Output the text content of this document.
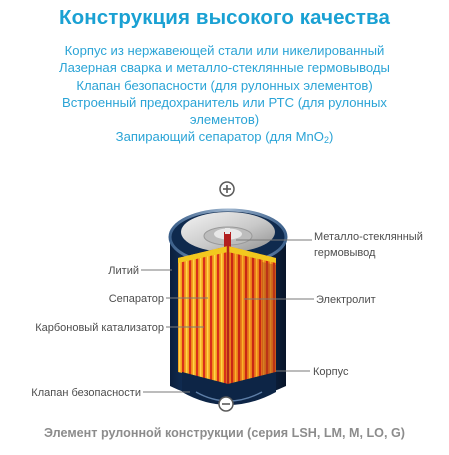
Конструкция высокого качества
Корпус из нержавеющей стали или никелированный
Лазерная сварка и металло-стеклянные гермовыводы
Клапан безопасности (для рулонных элементов)
Встроенный предохранитель или РТС (для рулонных
элементов)
Запирающий сепаратор (для MnO$_2$)
Литий
Сепаратор
Карбоновый катализатор
Клапан безопасности
Металло-стеклянный
гермовывод
Электролит
Корпус
Элемент рулонной конструкции (серия LSH, LM, M, LO, G)
